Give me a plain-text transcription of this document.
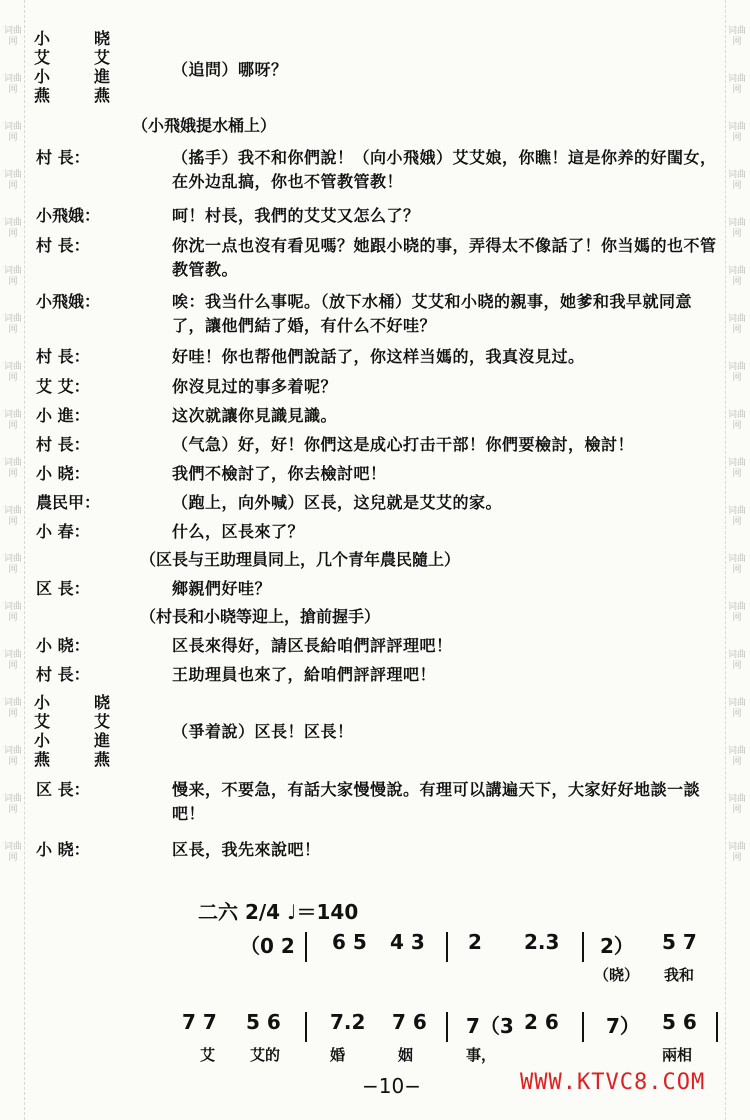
词曲网
词曲网
词曲网
词曲网
词曲网
词曲网
词曲网
词曲网
词曲网
词曲网
词曲网
词曲网
词曲网
词曲网
词曲网
词曲网
词曲网
词曲网
词曲网
词曲网
词曲网
词曲网
词曲网
词曲网
词曲网
词曲网
词曲网
词曲网
词曲网
词曲网
词曲网
词曲网
词曲网
词曲网
词曲网
词曲网
小	晓
艾	艾
小	進
燕	燕
（追問）哪呀？
（小飛娥提水桶上）
村 長：	（搖手）我不和你們說！（向小飛娥）艾艾娘，你瞧！這是你养的好閨女，在外边乱搞，你也不管教管教！
小飛娥：	呵！村長，我們的艾艾又怎么了？
村 長：	你沈一点也沒有看见嗎？她跟小晓的事，弄得太不像話了！你当媽的也不管教管教。
小飛娥：	唉：我当什么事呢。（放下水桶）艾艾和小晓的親事，她爹和我早就同意了，讓他們結了婚，有什么不好哇？
村 長：	好哇！你也帮他們說話了，你这样当媽的，我真沒見过。
艾 艾：	你沒見过的事多着呢？
小 進：	这次就讓你見識見識。
村 長：	（气急）好，好！你們这是成心打击干部！你們要檢討，檢討！
小 晓：	我們不檢討了，你去檢討吧！
農民甲：	（跑上，向外喊）区長，这兒就是艾艾的家。
小 春：	什么，区長來了？
（区長与王助理員同上，几个青年農民隨上）
区 長：	鄉親們好哇？
（村長和小晓等迎上，搶前握手）
小 晓：	区長來得好，請区長給咱們評評理吧！
村 長：	王助理員也來了，給咱們評評理吧！
小	晓
艾	艾
小	進
燕	燕
（爭着說）区長！区長！
区 長：	慢来，不要急，有話大家慢慢說。有理可以講遍天下，大家好好地談一談吧！
小 晓：	区長，我先來說吧！
二六 2/4 ♩＝140
（0 2 6 5 4 3 2 2.3 2） 5 7
（晓） 我和
7 7 5 6 7.2 7 6 7（3 2 6 7） 5 6
艾 艾的	婚	姻	事，	兩相
−10−	WWW.KTVC8.COM
